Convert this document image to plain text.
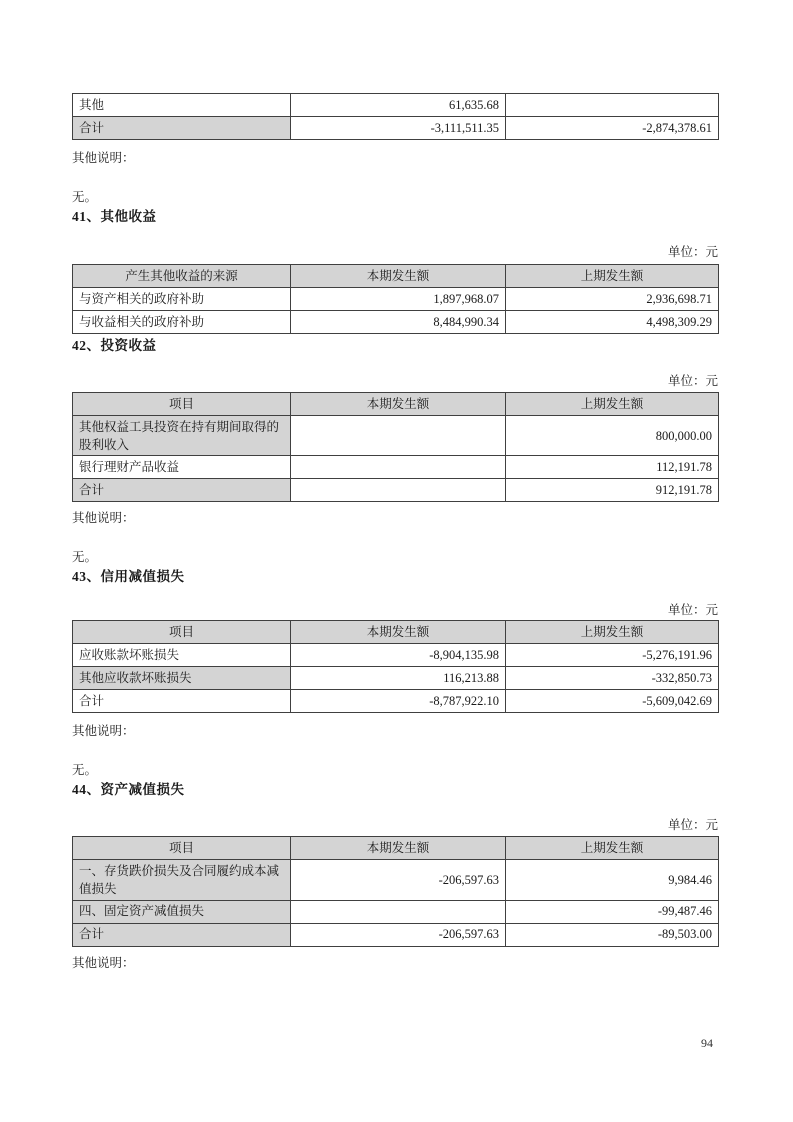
其他	61,635.68	
合计	-3,111,511.35	-2,874,378.61

其他说明：

无。

41、其他收益

单位：元

产生其他收益的来源	本期发生额	上期发生额
与资产相关的政府补助	1,897,968.07	2,936,698.71
与收益相关的政府补助	8,484,990.34	4,498,309.29
42、投资收益

单位：元

项目	本期发生额	上期发生额
其他权益工具投资在持有期间取得的股利收入		800,000.00
银行理财产品收益		112,191.78
合计		912,191.78

其他说明：

无。

43、信用减值损失

单位：元

项目	本期发生额	上期发生额
应收账款坏账损失	-8,904,135.98	-5,276,191.96
其他应收款坏账损失	116,213.88	-332,850.73
合计	-8,787,922.10	-5,609,042.69

其他说明：

无。

44、资产减值损失

单位：元

项目	本期发生额	上期发生额
一、存货跌价损失及合同履约成本减值损失	-206,597.63	9,984.46
四、固定资产减值损失		-99,487.46
合计	-206,597.63	-89,503.00

其他说明：

94
